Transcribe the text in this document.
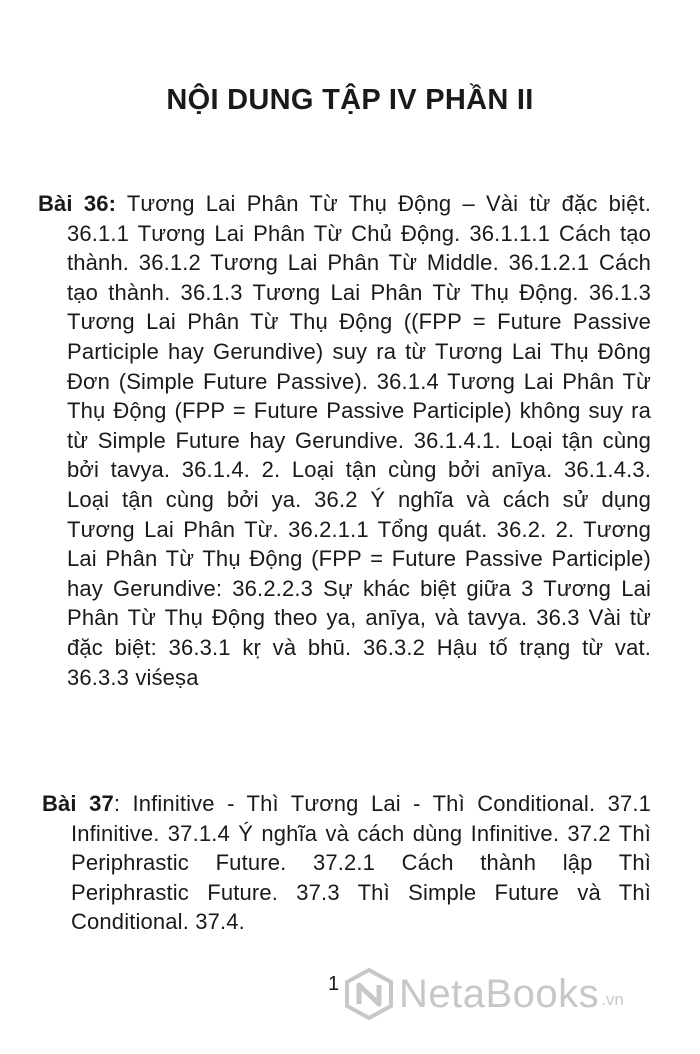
NỘI DUNG TẬP IV PHẦN II

Bài 36: Tương Lai Phân Từ Thụ Động – Vài từ đặc biệt. 36.1.1 Tương Lai Phân Từ Chủ Động. 36.1.1.1 Cách tạo thành. 36.1.2 Tương Lai Phân Từ Middle. 36.1.2.1 Cách tạo thành. 36.1.3 Tương Lai Phân Từ Thụ Động. 36.1.3 Tương Lai Phân Từ Thụ Động ((FPP = Future Passive Participle hay Gerundive) suy ra từ Tương Lai Thụ Đông Đơn (Simple Future Passive). 36.1.4 Tương Lai Phân Từ Thụ Động (FPP = Future Passive Participle) không suy ra từ Simple Future hay Gerundive. 36.1.4.1. Loại tận cùng bởi tavya. 36.1.4. 2. Loại tận cùng bởi anīya. 36.1.4.3. Loại tận cùng bởi ya. 36.2 Ý nghĩa và cách sử dụng Tương Lai Phân Từ. 36.2.1.1 Tổng quát. 36.2. 2. Tương Lai Phân Từ Thụ Động (FPP = Future Passive Participle) hay Gerundive: 36.2.2.3 Sự khác biệt giữa 3 Tương Lai Phân Từ Thụ Động theo ya, anīya, và tavya. 36.3 Vài từ đặc biệt: 36.3.1 kṛ và bhū. 36.3.2 Hậu tố trạng từ vat. 36.3.3 viśeṣa

Bài 37: Infinitive - Thì Tương Lai - Thì Conditional. 37.1 Infinitive. 37.1.4 Ý nghĩa và cách dùng Infinitive. 37.2 Thì Periphrastic Future. 37.2.1 Cách thành lập Thì Periphrastic Future. 37.3 Thì Simple Future và Thì Conditional. 37.4.

1 NetaBooks .vn
